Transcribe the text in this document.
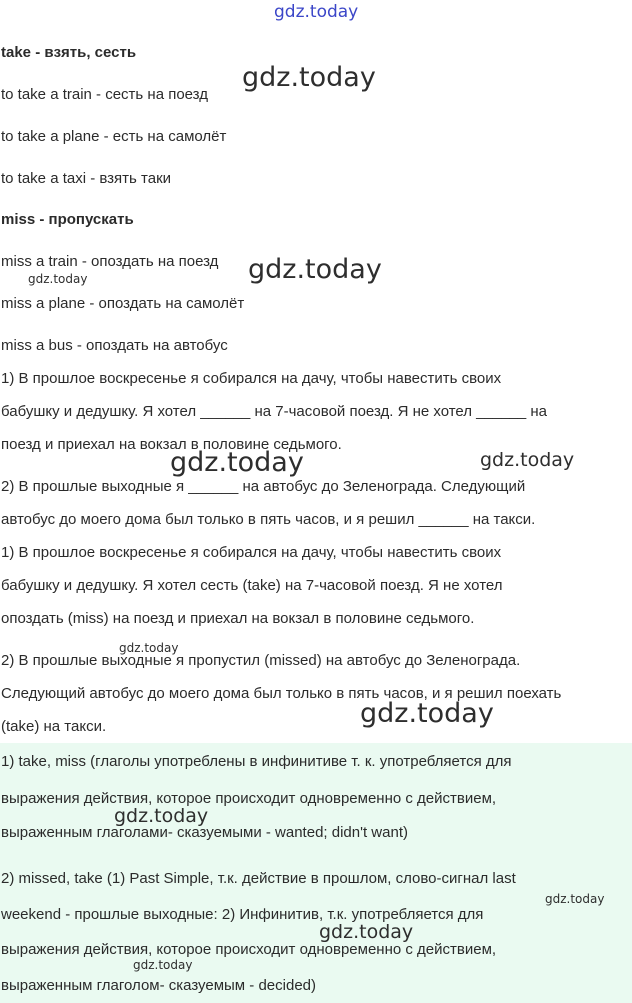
gdz.today
take - взять, сесть
to take a train - сесть на поезд
to take a plane - есть на самолёт
to take a taxi - взять таки
miss - пропускать
miss a train - опоздать на поезд
miss a plane - опоздать на самолёт
miss a bus - опоздать на автобус
1) В прошлое воскресенье я собирался на дачу, чтобы навестить своих
бабушку и дедушку. Я хотел ______ на 7-часовой поезд. Я не хотел ______ на
поезд и приехал на вокзал в половине седьмого.
2) В прошлые выходные я ______ на автобус до Зеленограда. Следующий
автобус до моего дома был только в пять часов, и я решил ______ на такси.
1) В прошлое воскресенье я собирался на дачу, чтобы навестить своих
бабушку и дедушку. Я хотел сесть (take) на 7-часовой поезд. Я не хотел
опоздать (miss) на поезд и приехал на вокзал в половине седьмого.
2) В прошлые выходные я пропустил (missed) на автобус до Зеленограда.
Следующий автобус до моего дома был только в пять часов, и я решил поехать
(take) на такси.
1) take, miss (глаголы употреблены в инфинитиве т. к. употребляется для
выражения действия, которое происходит одновременно с действием,
выраженным глаголами- сказуемыми - wanted; didn't want)
2) missed, take (1) Past Simple, т.к. действие в прошлом, слово-сигнал last
weekend - прошлые выходные: 2) Инфинитив, т.к. употребляется для
выражения действия, которое происходит одновременно с действием,
выраженным глаголом- сказуемым - decided)
gdz.today
gdz.today
gdz.today
gdz.today	gdz.today
gdz.today
gdz.today
gdz.today
gdz.today
gdz.today
gdz.today
